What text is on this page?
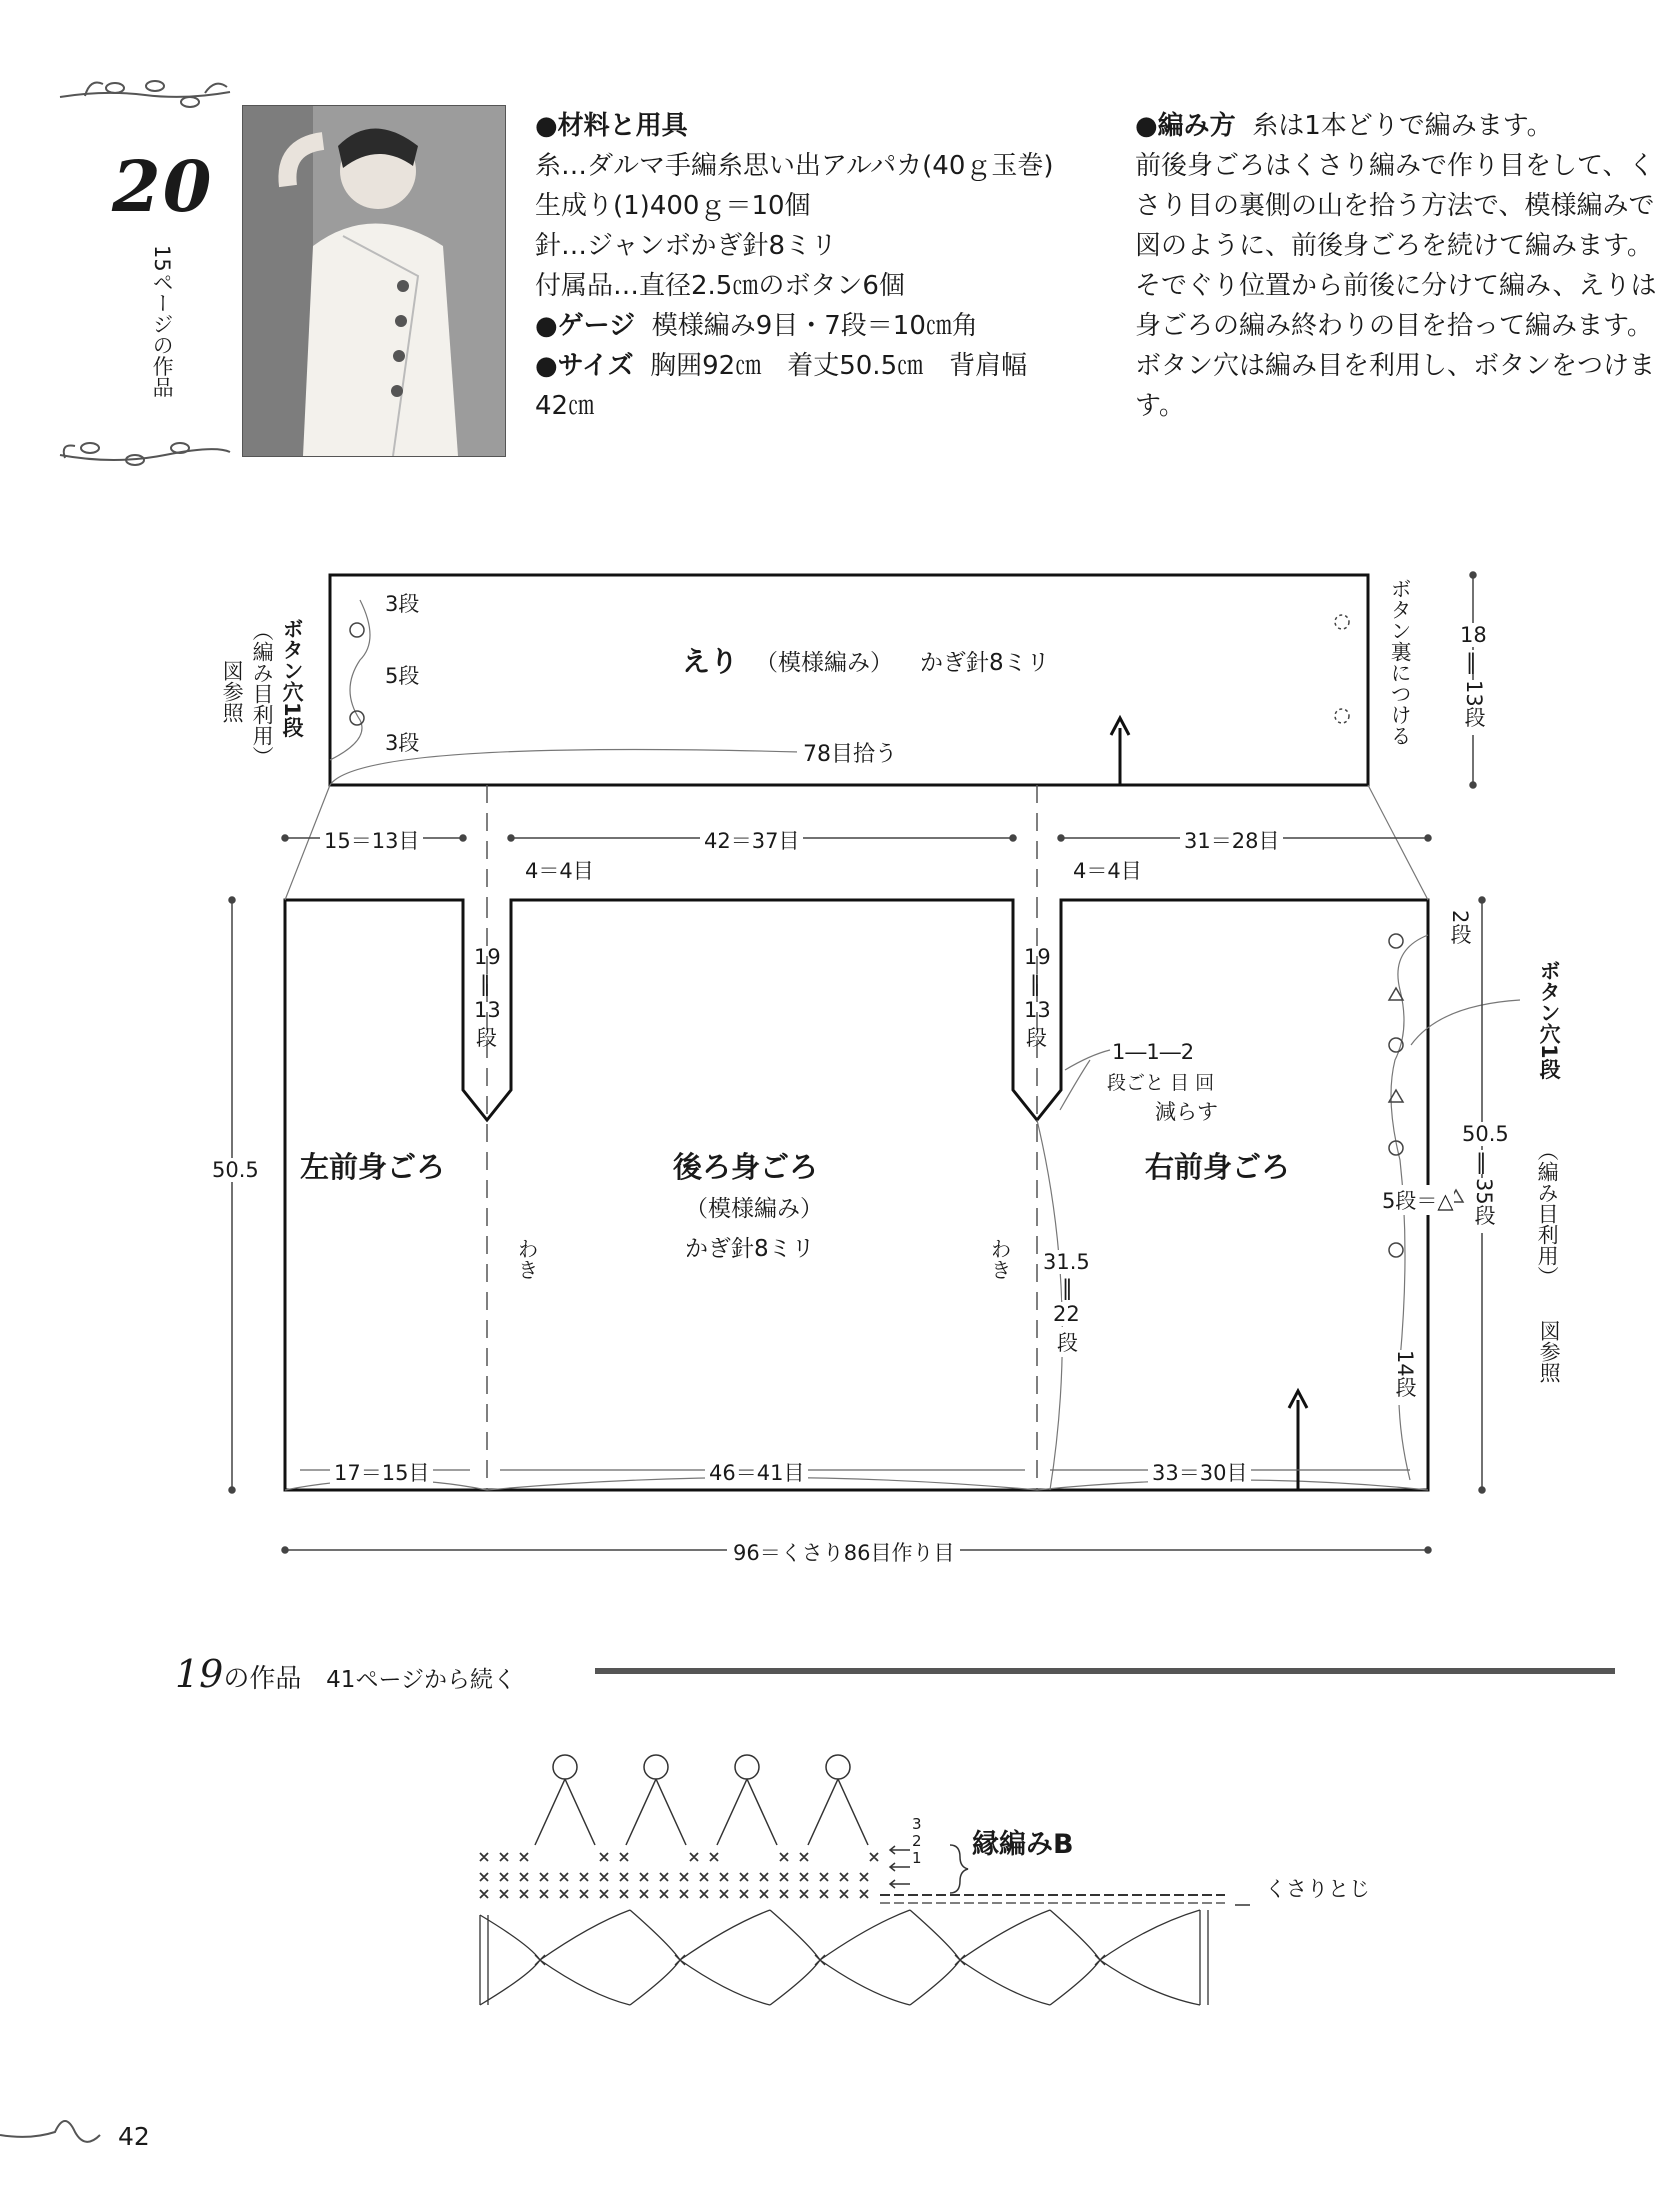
20
15ページの作品
●材料と用具
糸…ダルマ手編糸思い出アルパカ(40ｇ玉巻)
生成り(1)400ｇ＝10個
針…ジャンボかぎ針8ミリ
付属品…直径2.5㎝のボタン6個
●ゲージ 模様編み9目・7段＝10㎝角
●サイズ 胸囲92㎝　着丈50.5㎝　背肩幅
42㎝
●編み方 糸は1本どりで編みます。
前後身ごろはくさり編みで作り目をして、く
さり目の裏側の山を拾う方法で、模様編みで
図のように、前後身ごろを続けて編みます。
そでぐり位置から前後に分けて編み、えりは
身ごろの編み終わりの目を拾って編みます。
ボタン穴は編み目を利用し、ボタンをつけま
す。
えり （模様編み） かぎ針8ミリ
78目拾う
3段
5段
3段
ボタン穴1段
（編み目利用）
図参照	ボタン裏につける 18
‖
13段
15＝13目	42＝37目	31＝28目
4＝4目	4＝4目
50.5
50.5
‖
35段
19
‖
13
段
19
‖
13
段
1―1―2
段ごと 目 回
減らす
左前身ごろ	後ろ身ごろ
（模様編み）
かぎ針8ミリ
右前身ごろ
わき	わき 31.5
‖
22
段
2段
5段＝△
14段
ボタン穴1段
（編み目利用）
図参照
17＝15目	46＝41目	33＝30目
96＝くさり86目作り目
19の作品 41ページから続く
縁編みB
くさりとじ
3
2
1
42
